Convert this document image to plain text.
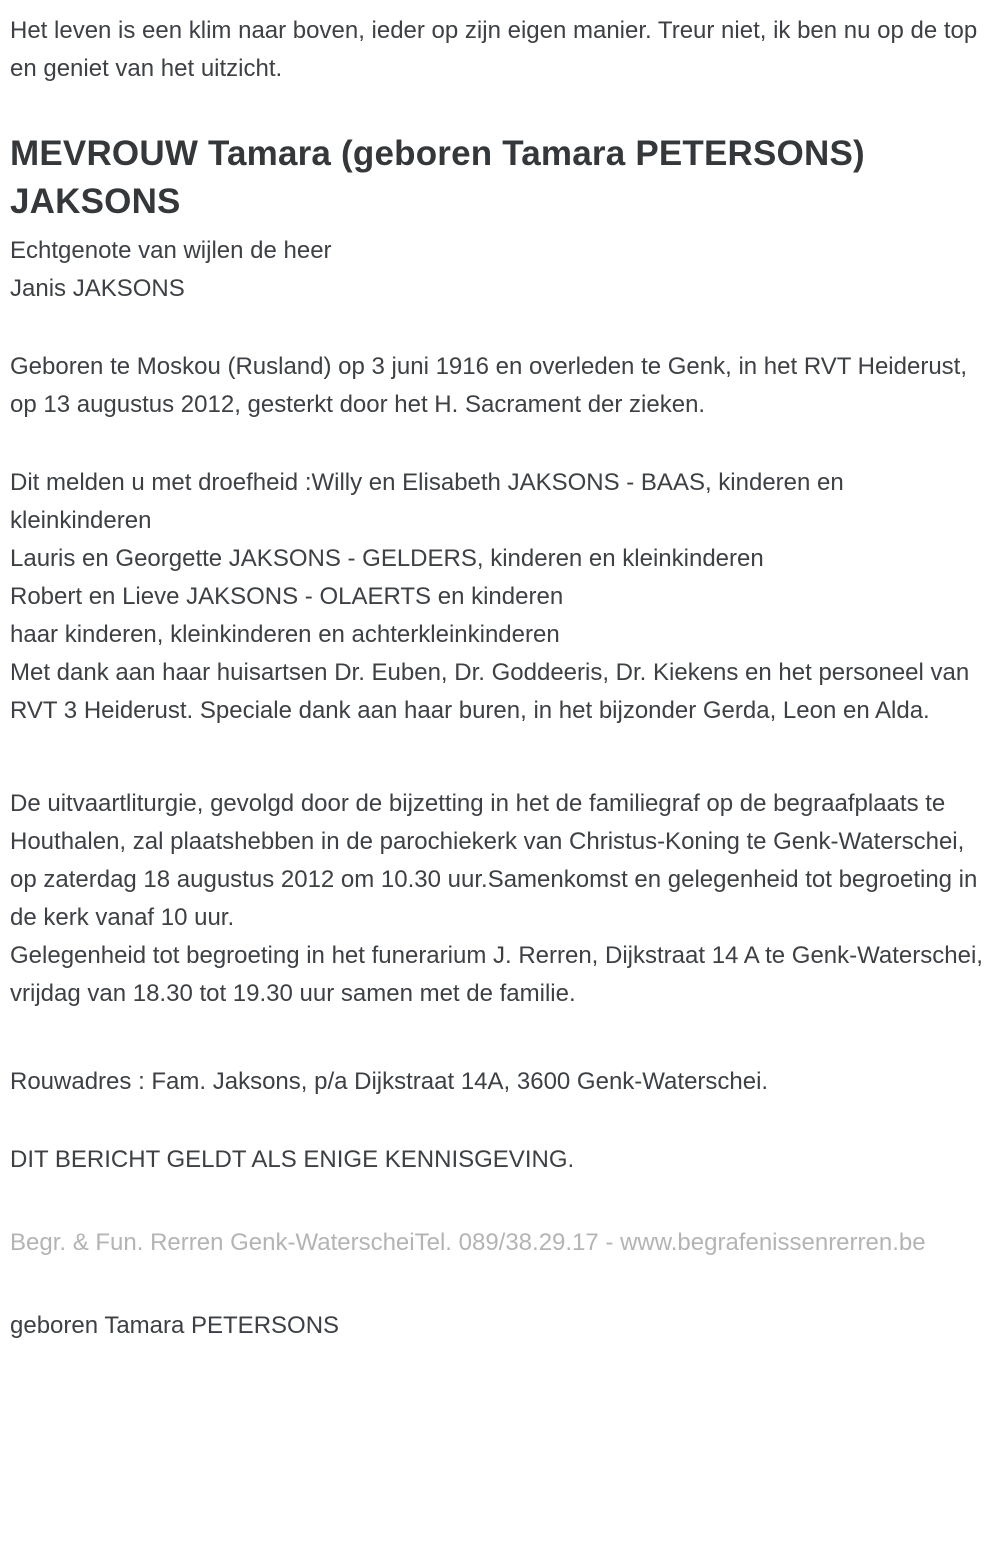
Het leven is een klim naar boven, ieder op zijn eigen manier. Treur niet, ik ben nu op de top en geniet van het uitzicht.

MEVROUW Tamara (geboren Tamara PETERSONS) JAKSONS
Echtgenote van wijlen de heer
Janis JAKSONS

Geboren te Moskou (Rusland) op 3 juni 1916 en overleden te Genk, in het RVT Heiderust, op 13 augustus 2012, gesterkt door het H. Sacrament der zieken.

Dit melden u met droefheid :Willy en Elisabeth JAKSONS - BAAS, kinderen en kleinkinderen
Lauris en Georgette JAKSONS - GELDERS, kinderen en kleinkinderen
Robert en Lieve JAKSONS - OLAERTS en kinderen
haar kinderen, kleinkinderen en achterkleinkinderen
Met dank aan haar huisartsen Dr. Euben, Dr. Goddeeris, Dr. Kiekens en het personeel van RVT 3 Heiderust. Speciale dank aan haar buren, in het bijzonder Gerda, Leon en Alda.
De uitvaartliturgie, gevolgd door de bijzetting in het de familiegraf op de begraafplaats te Houthalen, zal plaatshebben in de parochiekerk van Christus-Koning te Genk-Waterschei, op zaterdag 18 augustus 2012 om 10.30 uur.Samenkomst en gelegenheid tot begroeting in de kerk vanaf 10 uur.
Gelegenheid tot begroeting in het funerarium J. Rerren, Dijkstraat 14 A te Genk-Waterschei, vrijdag van 18.30 tot 19.30 uur samen met de familie.

Rouwadres : Fam. Jaksons, p/a Dijkstraat 14A, 3600 Genk-Waterschei.

DIT BERICHT GELDT ALS ENIGE KENNISGEVING.

Begr. & Fun. Rerren Genk-WaterscheiTel. 089/38.29.17 - www.begrafenissenrerren.be

geboren Tamara PETERSONS
